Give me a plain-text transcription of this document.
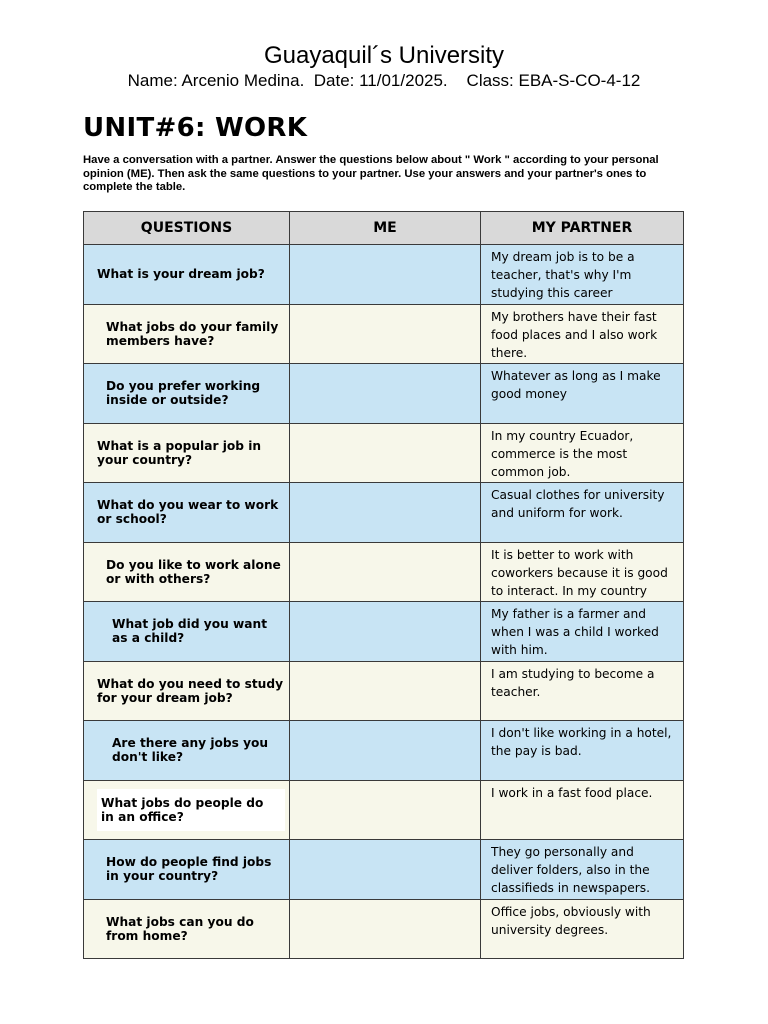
Guayaquil´s University
Name: Arcenio Medina.  Date: 11/01/2025.    Class: EBA-S-CO-4-12
UNIT#6: WORK
Have a conversation with a partner. Answer the questions below about " Work " according to your personal opinion (ME). Then ask the same questions to your partner. Use your answers and your partner's ones to complete the table.
QUESTIONS	ME	MY PARTNER
What is your dream job?		My dream job is to be a teacher, that's why I'm studying this career

What jobs do your family members have?		My brothers have their fast food places and I also work there.

Do you prefer working inside or outside?		Whatever as long as I make good money

What is a popular job in your country?		In my country Ecuador, commerce is the most common job.

What do you wear to work or school?		Casual clothes for university and uniform for work.

Do you like to work alone or with others?		It is better to work with coworkers because it is good to interact. In my country

What job did you want as a child?		My father is a farmer and when I was a child I worked with him.

What do you need to study for your dream job?		I am studying to become a teacher.

Are there any jobs you don't like?		I don't like working in a hotel, the pay is bad.

What jobs do people do in an office?		I work in a fast food place.

How do people find jobs in your country?		They go personally and deliver folders, also in the classifieds in newspapers.

What jobs can you do from home?		Office jobs, obviously with university degrees.
